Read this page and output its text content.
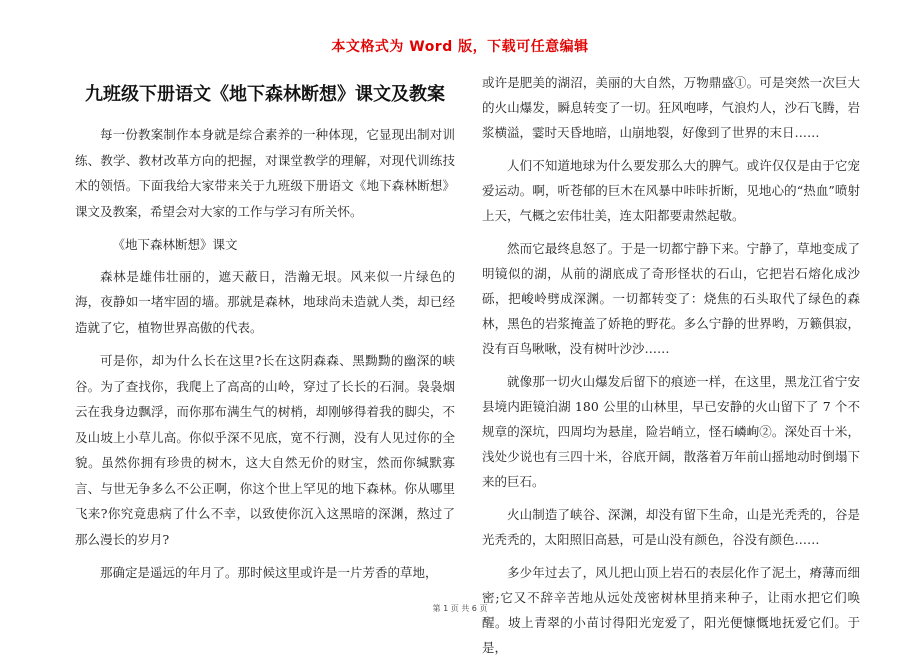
本文格式为 Word 版，下载可任意编辑
九班级下册语文《地下森林断想》课文及教案

每一份教案制作本身就是综合素养的一种体现，它显现出制对训练、教学、教材改革方向的把握，对课堂教学的理解，对现代训练技术的领悟。下面我给大家带来关于九班级下册语文《地下森林断想》课文及教案，希望会对大家的工作与学习有所关怀。

《地下森林断想》课文

森林是雄伟壮丽的，遮天蔽日，浩瀚无垠。风来似一片绿色的海，夜静如一堵牢固的墙。那就是森林，地球尚未造就人类，却已经造就了它，植物世界高傲的代表。

可是你，却为什么长在这里?长在这阴森森、黑黝黝的幽深的峡谷。为了查找你，我爬上了高高的山岭，穿过了长长的石洞。袅袅烟云在我身边飘浮，而你那布满生气的树梢，却刚够得着我的脚尖，不及山坡上小草儿高。你似乎深不见底，宽不行测，没有人见过你的全貌。虽然你拥有珍贵的树木，这大自然无价的财宝，然而你缄默寡言、与世无争多么不公正啊，你这个世上罕见的地下森林。你从哪里飞来?你究竟患病了什么不幸，以致使你沉入这黑暗的深渊，熬过了那么漫长的岁月?

那确定是遥远的年月了。那时候这里或许是一片芳香的草地，

或许是肥美的湖沼，美丽的大自然，万物鼎盛①。可是突然一次巨大的火山爆发，瞬息转变了一切。狂风咆哮，气浪灼人，沙石飞腾，岩浆横溢，霎时天昏地暗，山崩地裂，好像到了世界的末日……

人们不知道地球为什么要发那么大的脾气。或许仅仅是由于它宠爱运动。啊，听苍郁的巨木在风暴中咔咔折断，见地心的“热血”喷射上天，气概之宏伟壮美，连太阳都要肃然起敬。

然而它最终息怒了。于是一切都宁静下来。宁静了，草地变成了明镜似的湖，从前的湖底成了奇形怪状的石山，它把岩石熔化成沙砾，把峻岭劈成深渊。一切都转变了：烧焦的石头取代了绿色的森林，黑色的岩浆掩盖了娇艳的野花。多么宁静的世界哟，万籁俱寂，没有百鸟啾啾，没有树叶沙沙……

就像那一切火山爆发后留下的痕迹一样，在这里，黑龙江省宁安县境内距镜泊湖 180 公里的山林里，早已安静的火山留下了 7 个不规章的深坑，四周均为悬崖，险岩峭立，怪石嶙峋②。深处百十米，浅处少说也有三四十米，谷底开阔，散落着万年前山摇地动时倒塌下来的巨石。

火山制造了峡谷、深渊，却没有留下生命，山是光秃秃的，谷是光秃秃的，太阳照旧高悬，可是山没有颜色，谷没有颜色……

多少年过去了，风儿把山顶上岩石的表层化作了泥土，瘠薄而细密;它又不辞辛苦地从远处茂密树林里捎来种子，让雨水把它们唤醒。坡上青翠的小苗讨得阳光宠爱了，阳光便慷慨地抚爱它们。于是，

第 1 页 共 6 页
